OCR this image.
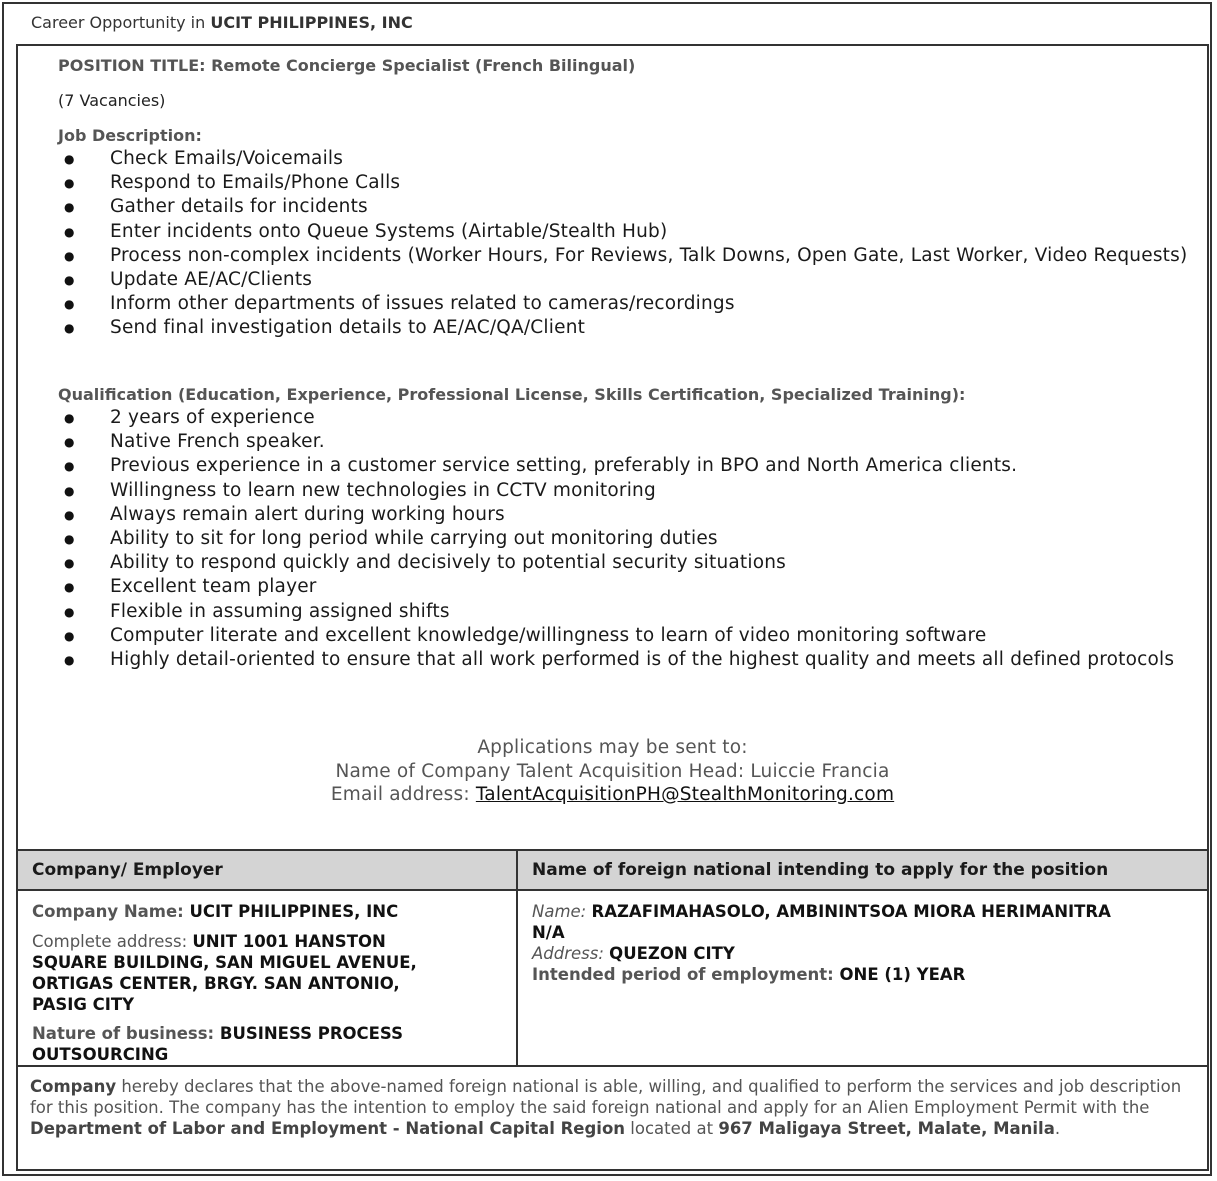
Career Opportunity in UCIT PHILIPPINES, INC
POSITION TITLE: Remote Concierge Specialist (French Bilingual)
(7 Vacancies)
Job Description:
● Check Emails/Voicemails
● Respond to Emails/Phone Calls
● Gather details for incidents
● Enter incidents onto Queue Systems (Airtable/Stealth Hub)
● Process non-complex incidents (Worker Hours, For Reviews, Talk Downs, Open Gate, Last Worker, Video Requests)
● Update AE/AC/Clients
● Inform other departments of issues related to cameras/recordings
● Send final investigation details to AE/AC/QA/Client
Qualification (Education, Experience, Professional License, Skills Certification, Specialized Training):
● 2 years of experience
● Native French speaker.
● Previous experience in a customer service setting, preferably in BPO and North America clients.
● Willingness to learn new technologies in CCTV monitoring
● Always remain alert during working hours
● Ability to sit for long period while carrying out monitoring duties
● Ability to respond quickly and decisively to potential security situations
● Excellent team player
● Flexible in assuming assigned shifts
● Computer literate and excellent knowledge/willingness to learn of video monitoring software
● Highly detail-oriented to ensure that all work performed is of the highest quality and meets all defined protocols
Applications may be sent to:
Name of Company Talent Acquisition Head: Luiccie Francia
Email address: TalentAcquisitionPH@StealthMonitoring.com
Company/ Employer	Name of foreign national intending to apply for the position
Company Name: UCIT PHILIPPINES, INC
Complete address: UNIT 1001 HANSTON SQUARE BUILDING, SAN MIGUEL AVENUE, ORTIGAS CENTER, BRGY. SAN ANTONIO, PASIG CITY
Nature of business: BUSINESS PROCESS OUTSOURCING
Name: RAZAFIMAHASOLO, AMBININTSOA MIORA HERIMANITRA
N/A
Address: QUEZON CITY
Intended period of employment: ONE (1) YEAR
Company hereby declares that the above-named foreign national is able, willing, and qualified to perform the services and job description for this position. The company has the intention to employ the said foreign national and apply for an Alien Employment Permit with the Department of Labor and Employment - National Capital Region located at 967 Maligaya Street, Malate, Manila.
